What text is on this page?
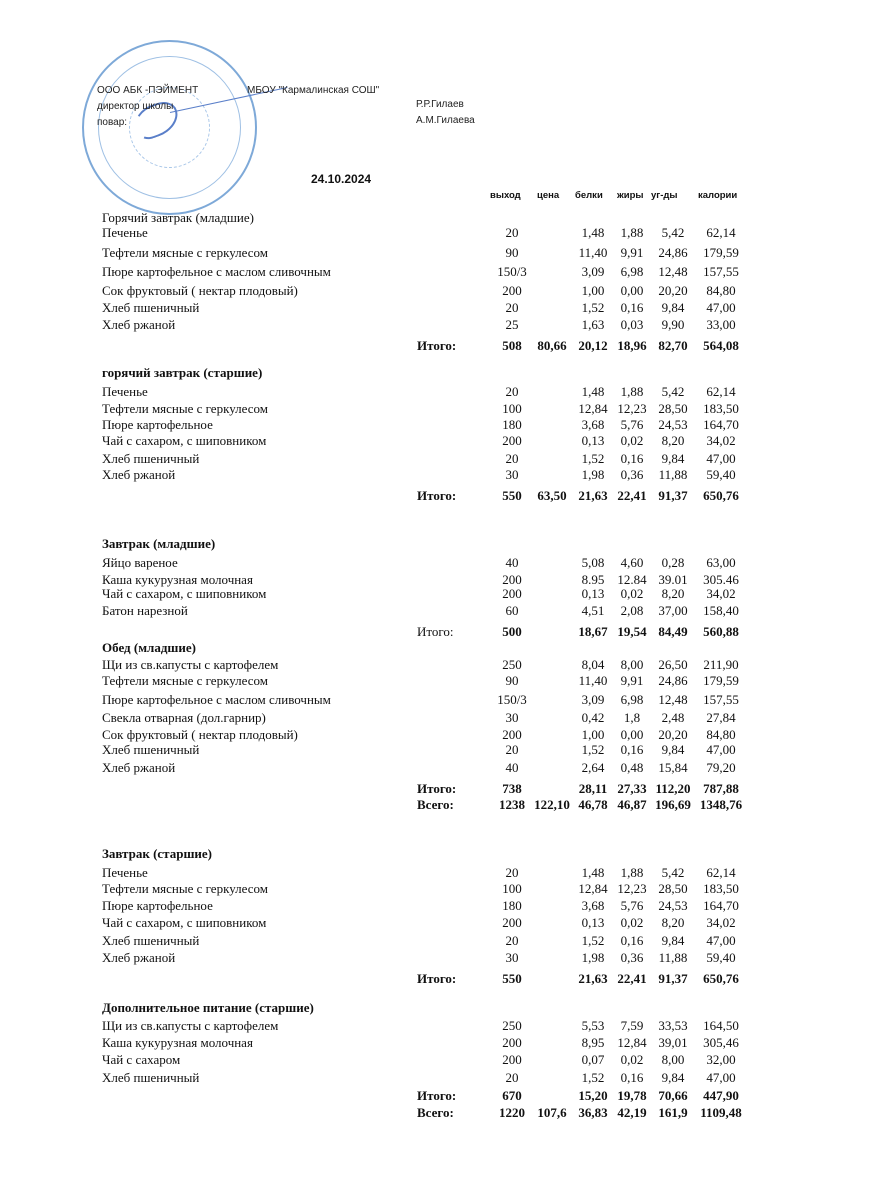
ООО АБК -ПЭЙМЕНТ	МБОУ "Кармалинская СОШ"
директор школы
повар:
Р.Р.Гилаев
А.М.Гилаева
24.10.2024
выход цена белки жиры уг-ды калории
Горячий завтрак (младшие)
Печенье	20	1,48	1,88	5,42	62,14
Тефтели мясные с геркулесом	90	11,40	9,91	24,86	179,59
Пюре картофельное с маслом сливочным	150/3	3,09	6,98	12,48	157,55
Сок фруктовый ( нектар плодовый)	200	1,00	0,00	20,20	84,80
Хлеб пшеничный	20	1,52	0,16	9,84	47,00
Хлеб ржаной	25	1,63	0,03	9,90	33,00
Итого:	508	80,66 20,12 18,96 82,70	564,08
горячий завтрак (старшие)
Печенье	20	1,48	1,88	5,42	62,14
Тефтели мясные с геркулесом	100	12,84 12,23 28,50	183,50
Пюре картофельное	180	3,68	5,76	24,53	164,70
Чай с сахаром, с шиповником	200	0,13	0,02	8,20	34,02
Хлеб пшеничный	20	1,52	0,16	9,84	47,00
Хлеб ржаной	30	1,98	0,36	11,88	59,40
Итого:	550	63,50 21,63 22,41 91,37	650,76
Завтрак (младшие)
Яйцо вареное	40	5,08	4,60	0,28	63,00
Каша кукурузная молочная	200	8.95	12.84 39.01	305.46
Чай с сахаром, с шиповником	200	0,13	0,02	8,20	34,02
Батон нарезной	60	4,51	2,08	37,00	158,40
Итого:	500	18,67 19,54 84,49	560,88
Обед (младшие)
Щи из св.капусты с картофелем	250	8,04	8,00	26,50	211,90
Тефтели мясные с геркулесом	90	11,40	9,91	24,86	179,59
Пюре картофельное с маслом сливочным	150/3	3,09	6,98	12,48	157,55
Свекла отварная (дол.гарнир)	30	0,42	1,8	2,48	27,84
Сок фруктовый ( нектар плодовый)	200	1,00	0,00	20,20	84,80
Хлеб пшеничный	20	1,52	0,16	9,84	47,00
Хлеб ржаной	40	2,64	0,48	15,84	79,20
Итого:	738	28,11 27,33 112,20 787,88
Всего:	1238 122,10 46,78 46,87 196,69 1348,76
Завтрак (старшие)
Печенье	20	1,48	1,88	5,42	62,14
Тефтели мясные с геркулесом	100	12,84 12,23 28,50	183,50
Пюре картофельное	180	3,68	5,76	24,53	164,70
Чай с сахаром, с шиповником	200	0,13	0,02	8,20	34,02
Хлеб пшеничный	20	1,52	0,16	9,84	47,00
Хлеб ржаной	30	1,98	0,36	11,88	59,40
Итого:	550	21,63 22,41 91,37	650,76
Дополнительное питание (старшие)
Щи из св.капусты с картофелем	250	5,53	7,59	33,53	164,50
Каша кукурузная молочная	200	8,95	12,84 39,01	305,46
Чай с сахаром	200	0,07	0,02	8,00	32,00
Хлеб пшеничный	20	1,52	0,16	9,84	47,00
Итого:	670	15,20 19,78 70,66	447,90
Всего:	1220 107,6 36,83 42,19 161,9 1109,48
